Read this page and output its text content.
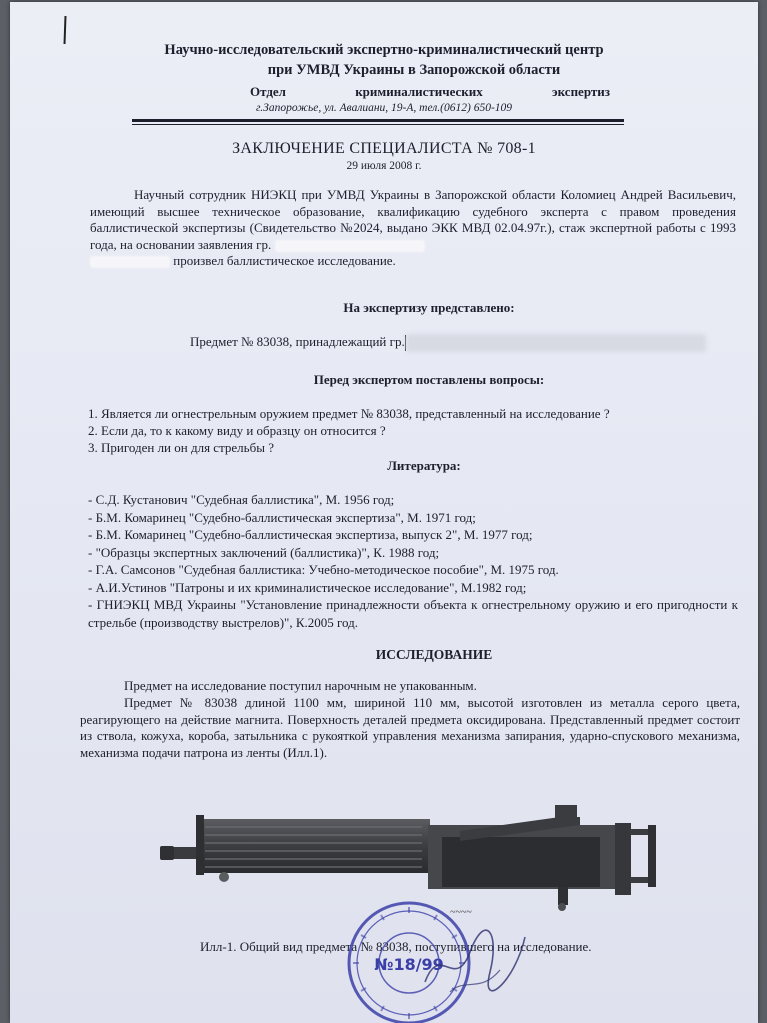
Научно-исследовательский экспертно-криминалистический центр
при УМВД Украины в Запорожской области
Отдел	криминалистических	экспертиз
г.Запорожье, ул. Авалиани, 19-А, тел.(0612) 650-109
ЗАКЛЮЧЕНИЕ СПЕЦИАЛИСТА № 708-1
29 июля 2008 г.
Научный сотрудник НИЭКЦ при УМВД Украины в Запорожской области Коломиец Андрей Васильевич, имеющий высшее техническое образование, квалификацию судебного эксперта с правом проведения баллистической экспертизы (Свидетельство №2024, выдано ЭКК МВД 02.04.97г.), стаж экспертной работы с 1993 года, на основании заявления гр.
произвел баллистическое исследование.
На экспертизу представлено:
Предмет № 83038, принадлежащий гр.
Перед экспертом поставлены вопросы:
1. Является ли огнестрельным оружием предмет № 83038, представленный на исследование ?
2. Если да, то к какому виду и образцу он относится ?
3. Пригоден ли он для стрельбы ?
Литература:
- С.Д. Кустанович "Судебная баллистика", М. 1956 год;
- Б.М. Комаринец "Судебно-баллистическая экспертиза", М. 1971 год;
- Б.М. Комаринец "Судебно-баллистическая экспертиза, выпуск 2", М. 1977 год;
- "Образцы экспертных заключений (баллистика)", К. 1988 год;
- Г.А. Самсонов "Судебная баллистика: Учебно-методическое пособие", М. 1975 год.
- А.И.Устинов "Патроны и их криминалистическое исследование", М.1982 год;
- ГНИЭКЦ МВД Украины "Установление принадлежности объекта к огнестрельному оружию и его пригодности к стрельбе (производству выстрелов)", К.2005 год.
ИССЛЕДОВАНИЕ
Предмет на исследование поступил нарочным не упакованным.
Предмет № 83038 длиной 1100 мм, шириной 110 мм, высотой изготовлен из металла серого цвета, реагирующего на действие магнита. Поверхность деталей предмета оксидирована. Представленный предмет состоит из ствола, кожуха, короба, затыльника с рукояткой управления механизма запирания, ударно-спускового механизма, механизма подачи патрона из ленты (Илл.1).
~~~~
Илл-1. Общий вид предмета № 83038, поступившего на исследование.
№18/99
